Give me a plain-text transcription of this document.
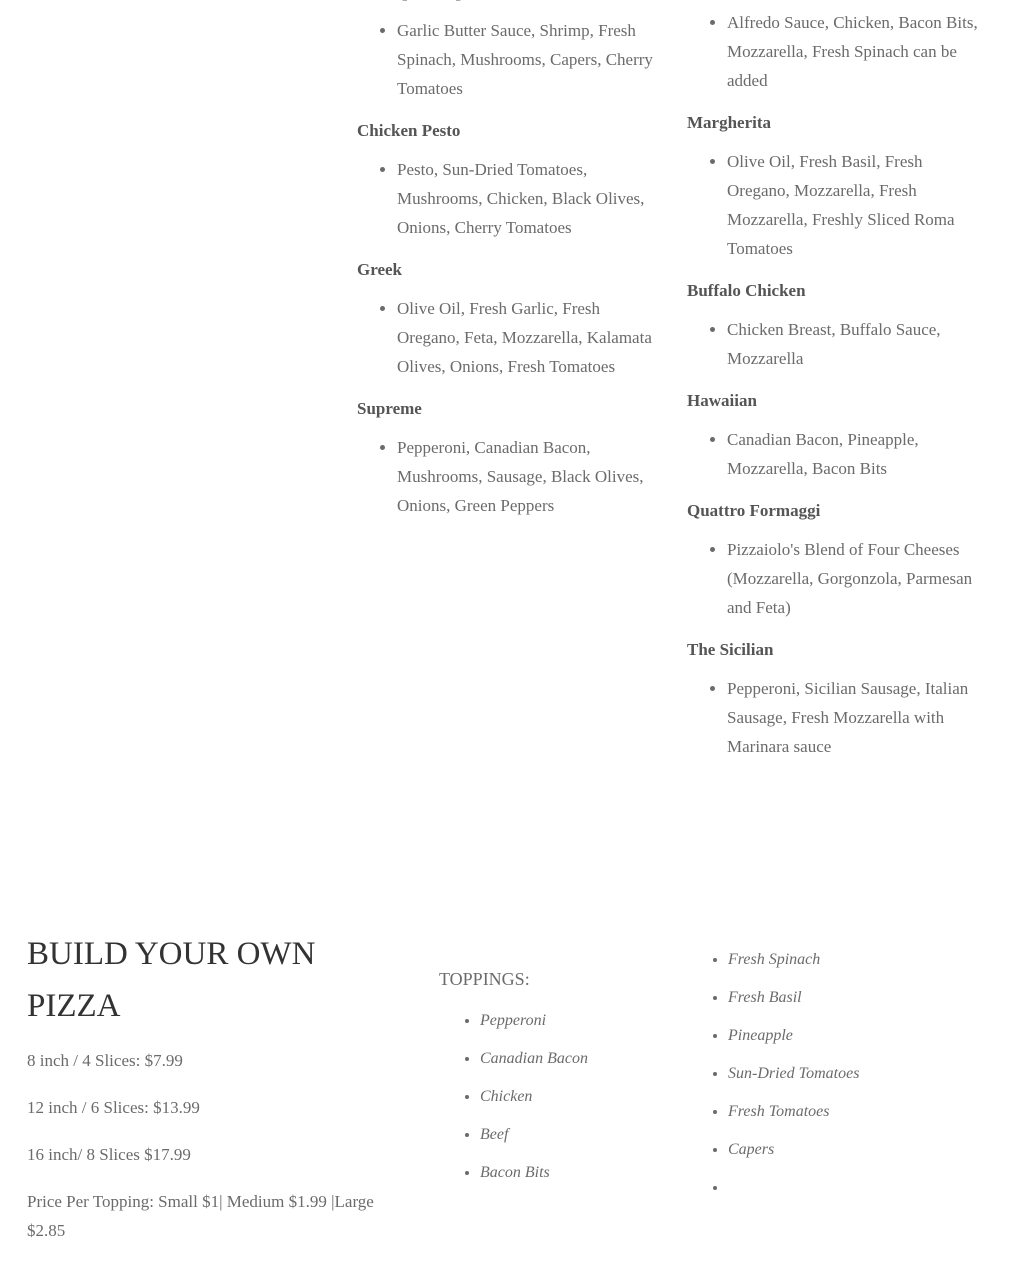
• Garlic Butter Sauce, Shrimp, Fresh Spinach, Mushrooms, Capers, Cherry Tomatoes

Chicken Pesto

• Pesto, Sun-Dried Tomatoes, Mushrooms, Chicken, Black Olives, Onions, Cherry Tomatoes

Greek

• Olive Oil, Fresh Garlic, Fresh Oregano, Feta, Mozzarella, Kalamata Olives, Onions, Fresh Tomatoes

Supreme

• Pepperoni, Canadian Bacon, Mushrooms, Sausage, Black Olives, Onions, Green Peppers
• Alfredo Sauce, Chicken, Bacon Bits, Mozzarella, Fresh Spinach can be added

Margherita

• Olive Oil, Fresh Basil, Fresh Oregano, Mozzarella, Fresh Mozzarella, Freshly Sliced Roma Tomatoes

Buffalo Chicken

• Chicken Breast, Buffalo Sauce, Mozzarella

Hawaiian

• Canadian Bacon, Pineapple, Mozzarella, Bacon Bits

Quattro Formaggi

• Pizzaiolo's Blend of Four Cheeses (Mozzarella, Gorgonzola, Parmesan and Feta)

The Sicilian

• Pepperoni, Sicilian Sausage, Italian Sausage, Fresh Mozzarella with Marinara sauce
BUILD YOUR OWN PIZZA

8 inch / 4 Slices: $7.99

12 inch / 6 Slices: $13.99

16 inch/ 8 Slices $17.99

Price Per Topping: Small $1| Medium $1.99 |Large $2.85

TOPPINGS:

• Pepperoni
• Canadian Bacon
• Chicken
• Beef
• Bacon Bits
• Fresh Spinach
• Fresh Basil
• Pineapple
• Sun-Dried Tomatoes
• Fresh Tomatoes
• Capers
•
